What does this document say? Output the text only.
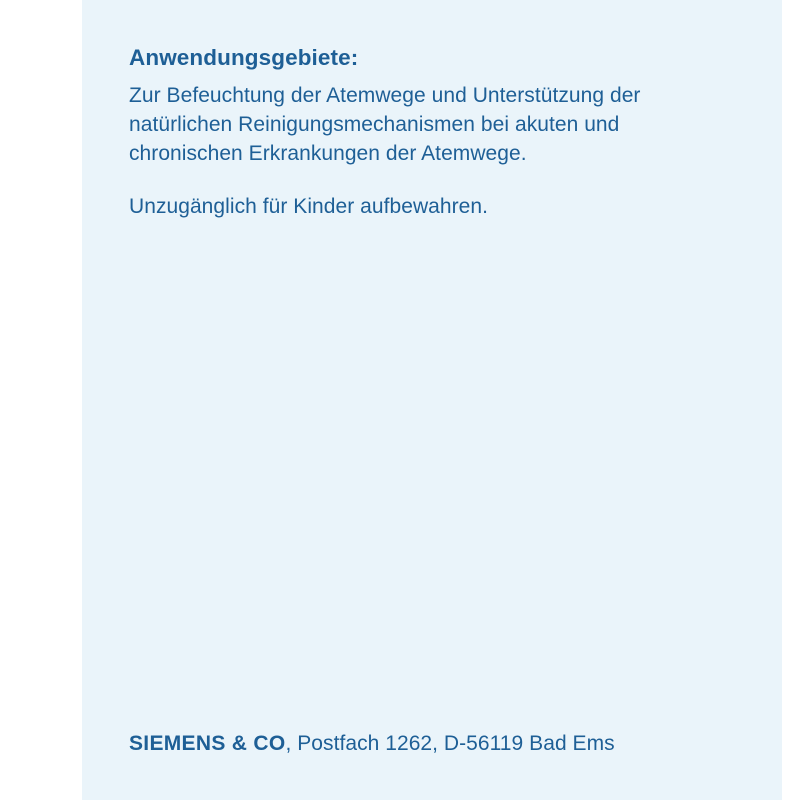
Anwendungsgebiete:

Zur Befeuchtung der Atemwege und Unterstützung der natürlichen Reinigungsmechanismen bei akuten und chronischen Erkrankungen der Atemwege.

Unzugänglich für Kinder aufbewahren.

SIEMENS & CO, Postfach 1262, D-56119 Bad Ems
